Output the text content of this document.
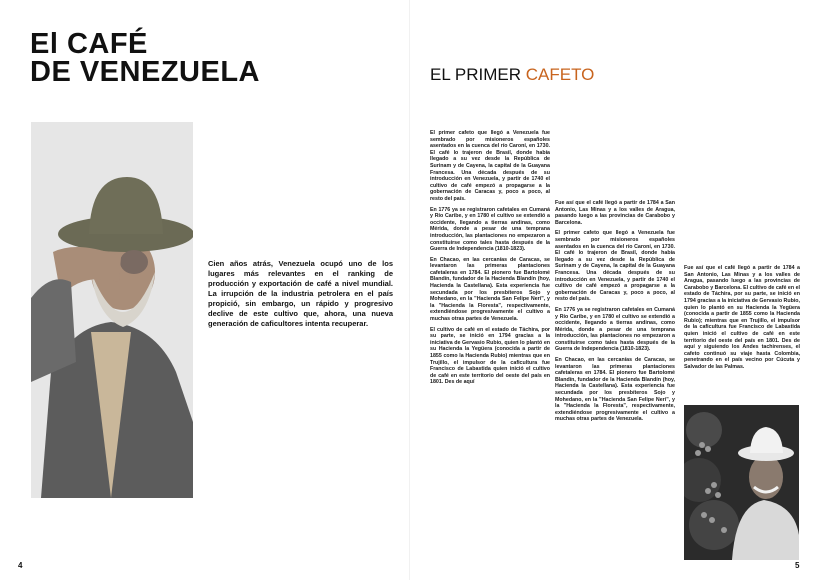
El CAFÉ
DE VENEZUELA	EL PRIMER CAFETO

Cien años atrás, Venezuela ocupó uno de los lugares más relevantes en el ranking de producción y exportación de café a nivel mundial. La irrupción de la industria petrolera en el país propició, sin embargo, un rápido y progresivo declive de este cultivo que, ahora, una nueva generación de caficultores intenta recuperar.

El primer cafeto que llegó a Venezuela fue sembrado por misioneros españoles asentados en la cuenca del río Caroní, en 1730. El café lo trajeron de Brasil, donde había llegado a su vez desde la República de Surinam y de Cayena, la capital de la Guayana Francesa. Una década después de su introducción en Venezuela, y partir de 1740 el cultivo de café empezó a propagarse a la gobernación de Caracas y, poco a poco, al resto del país.

En 1776 ya se registraron cafetales en Cumaná y Río Caribe, y en 1780 el cultivo se extendió a occidente, llegando a tierras andinas, como Mérida, donde a pesar de una temprana introducción, las plantaciones no empezaron a constituirse como tales hasta después de la Guerra de Independencia (1810-1823).

En Chacao, en las cercanías de Caracas, se levantaron las primeras plantaciones cafetaleras en 1784. El pionero fue Bartolomé Blandín, fundador de la Hacienda Blandín (hoy, Hacienda la Castellana). Esta experiencia fue secundada por los presbíteros Sojo y Mohedano, en la "Hacienda San Felipe Neri", y la "Hacienda la Floresta", respectivamente, extendiéndose progresivamente el cultivo a muchas otras partes de Venezuela.

El cultivo de café en el estado de Táchira, por su parte, se inició en 1794 gracias a la iniciativa de Gervasio Rubio, quien lo plantó en su Hacienda la Yegüera (conocida a partir de 1855 como la Hacienda Rubio) mientras que en Trujillo, el impulsor de la caficultura fue Francisco de Labastida quien inició el cultivo de café en este territorio del oeste del país en 1801. Des de aquí

Fue así que el café llegó a partir de 1784 a San Antonio, Las Minas y a los valles de Aragua, pasando luego a las provincias de Carabobo y Barcelona.

El primer cafeto que llegó a Venezuela fue sembrado por misioneros españoles asentados en la cuenca del río Caroní, en 1730. El café lo trajeron de Brasil, donde había llegado a su vez desde la República de Surinam y de Cayena, la capital de la Guayana Francesa. Una década después de su introducción en Venezuela, y partir de 1740 el cultivo de café empezó a propagarse a la gobernación de Caracas y, poco a poco, al resto del país.

En 1776 ya se registraron cafetales en Cumaná y Río Caribe, y en 1780 el cultivo se extendió a occidente, llegando a tierras andinas, como Mérida, donde a pesar de una temprana introducción, las plantaciones no empezaron a constituirse como tales hasta después de la Guerra de Independencia (1810-1823).

En Chacao, en las cercanías de Caracas, se levantaron las primeras plantaciones cafetaleras en 1784. El pionero fue Bartolomé Blandín, fundador de la Hacienda Blandín (hoy, Hacienda la Castellana). Esta experiencia fue secundada por los presbíteros Sojo y Mohedano, en la "Hacienda San Felipe Neri", y la "Hacienda la Floresta", respectivamente, extendiéndose progresivamente el cultivo a muchas otras partes de Venezuela.

Fue así que el café llegó a partir de 1784 a San Antonio, Las Minas y a los valles de Aragua, pasando luego a las provincias de Carabobo y Barcelona. El cultivo de café en el estado de Táchira, por su parte, se inició en 1794 gracias a la iniciativa de Gervasio Rubio, quien lo plantó en su Hacienda la Yegüera (conocida a partir de 1855 como la Hacienda Rubio); mientras que en Trujillo, el impulsor de la caficultura fue Francisco de Labastida quien inició el cultivo de café en este territorio del oeste del país en 1801. Des de aquí y siguiendo los Andes tachirenses, el cafeto continuó su viaje hasta Colombia, penetrando en el país vecino por Cúcuta y Salvador de las Palmas.

4	5
